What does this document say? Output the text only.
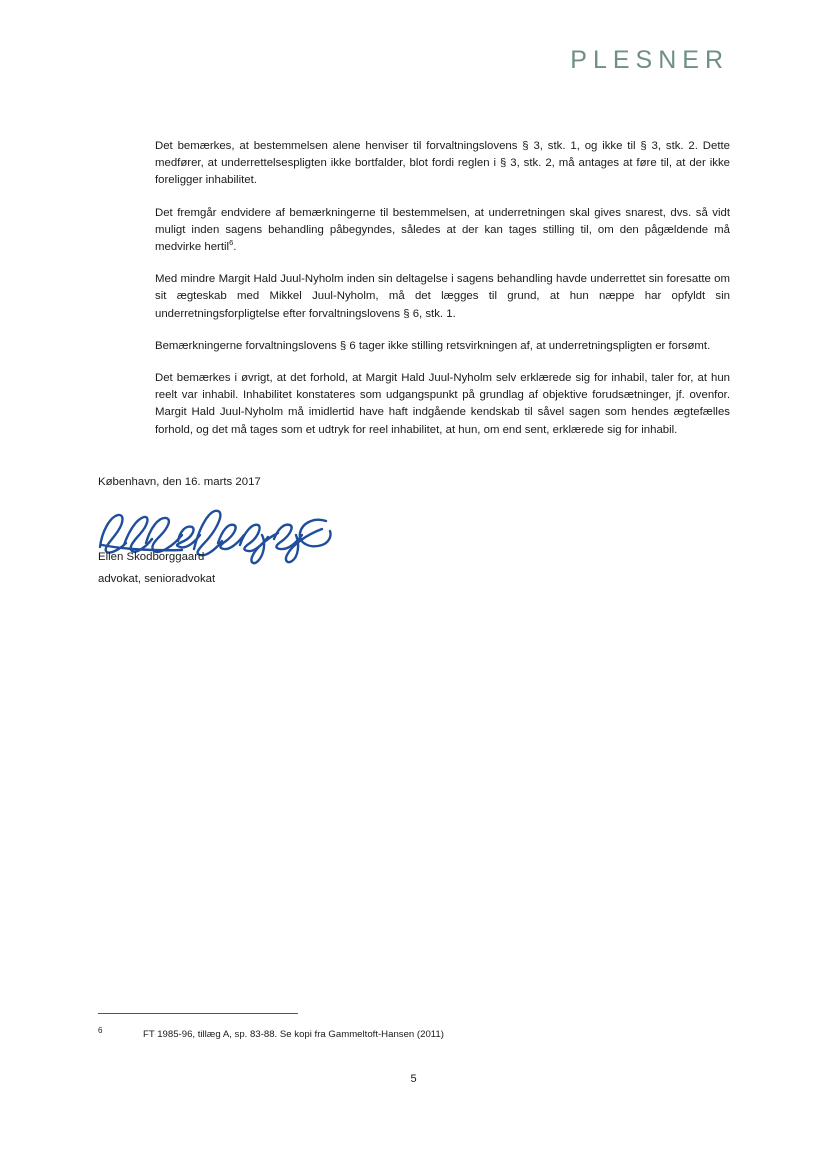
PLESNER

Det bemærkes, at bestemmelsen alene henviser til forvaltningslovens § 3, stk. 1, og ikke til § 3, stk. 2. Dette medfører, at underrettelsespligten ikke bortfalder, blot fordi reglen i § 3, stk. 2, må antages at føre til, at der ikke foreligger inhabilitet.

Det fremgår endvidere af bemærkningerne til bestemmelsen, at underretningen skal gives snarest, dvs. så vidt muligt inden sagens behandling påbegyndes, således at der kan tages stilling til, om den pågældende må medvirke hertil$^6$.

Med mindre Margit Hald Juul-Nyholm inden sin deltagelse i sagens behandling havde underrettet sin foresatte om sit ægteskab med Mikkel Juul-Nyholm, må det lægges til grund, at hun næppe har opfyldt sin underretningsforpligtelse efter forvaltningslovens § 6, stk. 1.

Bemærkningerne forvaltningslovens § 6 tager ikke stilling retsvirkningen af, at underretningspligten er forsømt.

Det bemærkes i øvrigt, at det forhold, at Margit Hald Juul-Nyholm selv erklærede sig for inhabil, taler for, at hun reelt var inhabil. Inhabilitet konstateres som udgangspunkt på grundlag af objektive forudsætninger, jf. ovenfor. Margit Hald Juul-Nyholm må imidlertid have haft indgående kendskab til såvel sagen som hendes ægtefælles forhold, og det må tages som et udtryk for reel inhabilitet, at hun, om end sent, erklærede sig for inhabil.

København, den 16. marts 2017
Ellen Skodborggaard
advokat, senioradvokat
6	FT 1985-96, tillæg A, sp. 83-88. Se kopi fra Gammeltoft-Hansen (2011)
5
